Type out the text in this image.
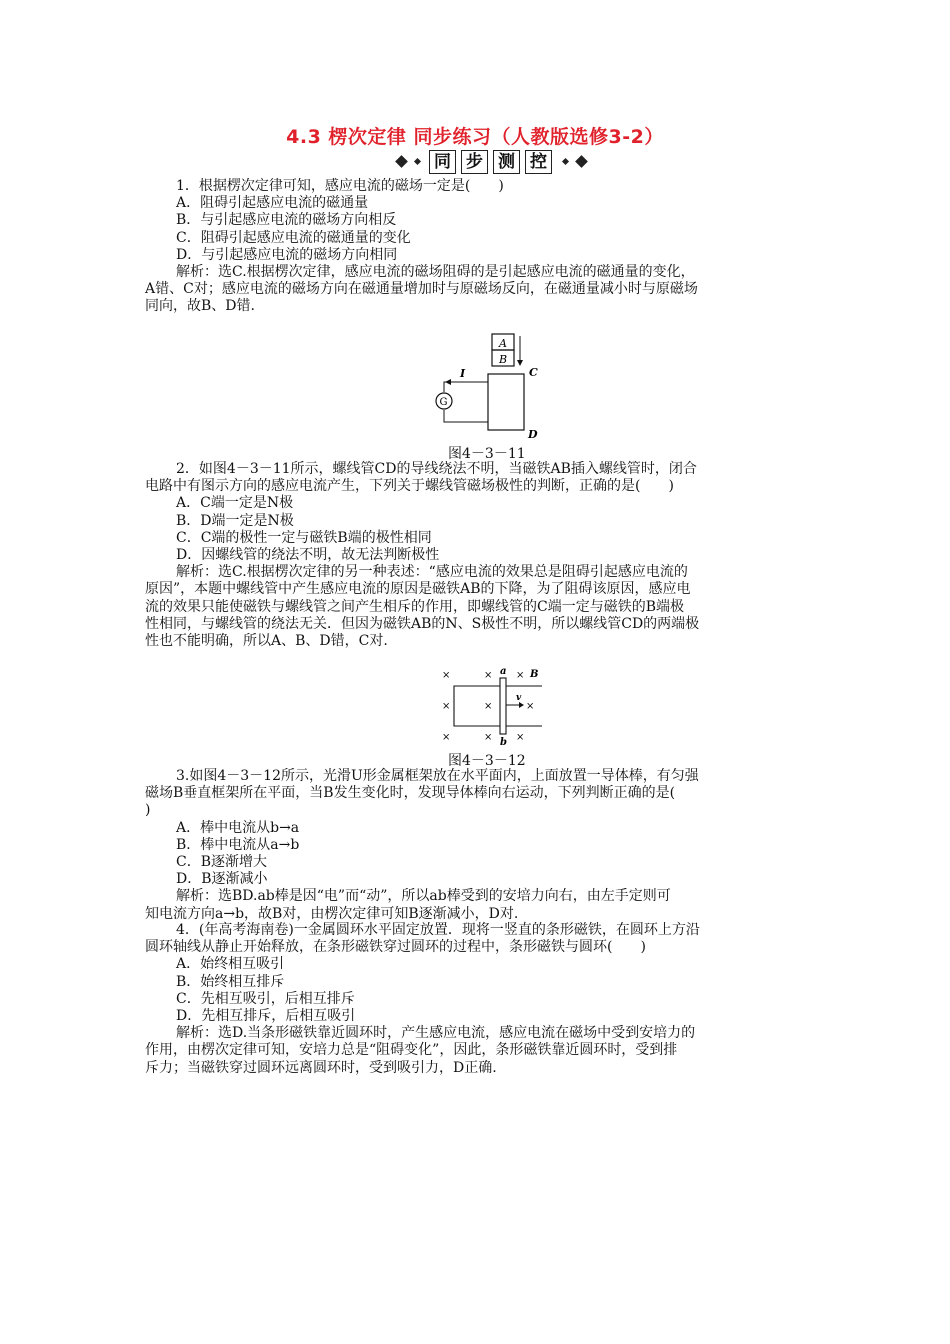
4.3 楞次定律 同步练习（人教版选修3-2）
同 步 测 控
1．根据楞次定律可知，感应电流的磁场一定是(　　)
A．阻碍引起感应电流的磁通量
B．与引起感应电流的磁场方向相反
C．阻碍引起感应电流的磁通量的变化
D．与引起感应电流的磁场方向相同
解析：选C.根据楞次定律，感应电流的磁场阻碍的是引起感应电流的磁通量的变化，
A错、C对；感应电流的磁场方向在磁通量增加时与原磁场反向，在磁通量减小时与原磁场
同向，故B、D错.
A
B
C
D
G
I
图4－3－11
2．如图4－3－11所示，螺线管CD的导线绕法不明，当磁铁AB插入螺线管时，闭合
电路中有图示方向的感应电流产生，下列关于螺线管磁场极性的判断，正确的是(　　)
A．C端一定是N极
B．D端一定是N极
C．C端的极性一定与磁铁B端的极性相同
D．因螺线管的绕法不明，故无法判断极性
解析：选C.根据楞次定律的另一种表述：“感应电流的效果总是阻碍引起感应电流的
原因”，本题中螺线管中产生感应电流的原因是磁铁AB的下降，为了阻碍该原因，感应电
流的效果只能使磁铁与螺线管之间产生相斥的作用，即螺线管的C端一定与磁铁的B端极
性相同，与螺线管的绕法无关．但因为磁铁AB的N、S极性不明，所以螺线管CD的两端极
性也不能明确，所以A、B、D错，C对.
×	× ×
×	×	×
×	× ×
a
b
B
v
图4－3－12
3.如图4－3－12所示，光滑U形金属框架放在水平面内，上面放置一导体棒，有匀强
磁场B垂直框架所在平面，当B发生变化时，发现导体棒向右运动，下列判断正确的是(
)
A．棒中电流从b→a
B．棒中电流从a→b
C．B逐渐增大
D．B逐渐减小
解析：选BD.ab棒是因“电”而“动”，所以ab棒受到的安培力向右，由左手定则可
知电流方向a→b，故B对，由楞次定律可知B逐渐减小，D对.
4．(年高考海南卷)一金属圆环水平固定放置．现将一竖直的条形磁铁，在圆环上方沿
圆环轴线从静止开始释放，在条形磁铁穿过圆环的过程中，条形磁铁与圆环(　　)
A．始终相互吸引
B．始终相互排斥
C．先相互吸引，后相互排斥
D．先相互排斥，后相互吸引
解析：选D.当条形磁铁靠近圆环时，产生感应电流，感应电流在磁场中受到安培力的
作用，由楞次定律可知，安培力总是“阻碍变化”，因此，条形磁铁靠近圆环时，受到排
斥力；当磁铁穿过圆环远离圆环时，受到吸引力，D正确.
